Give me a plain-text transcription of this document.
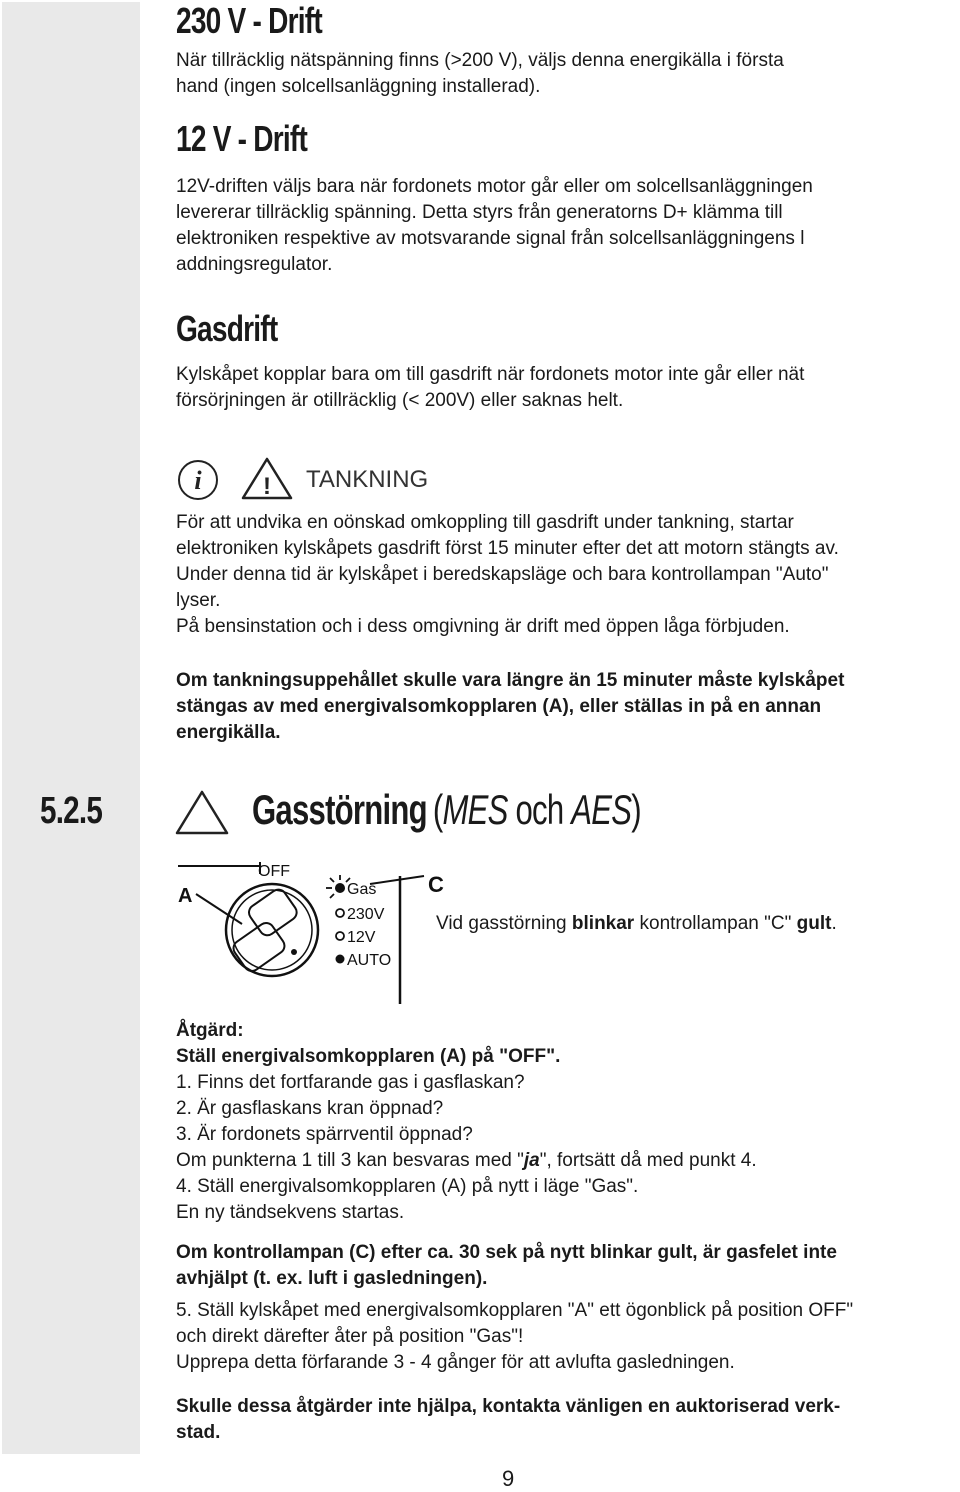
230 V - Drift
När tillräcklig nätspänning finns (>200 V), väljs denna energikälla i första
hand (ingen solcellsanläggning installerad).
12 V - Drift
12V-driften väljs bara när fordonets motor går eller om solcellsanläggningen
levererar tillräcklig spänning. Detta styrs från generatorns D+ klämma till
elektroniken respektive av motsvarande signal från solcellsanläggningens l
addningsregulator.
Gasdrift
Kylskåpet kopplar bara om till gasdrift när fordonets motor inte går eller nät
försörjningen är otillräcklig (< 200V) eller saknas helt.
i	! TANKNING
För att undvika en oönskad omkoppling till gasdrift under tankning, startar
elektroniken kylskåpets gasdrift först 15 minuter efter det att motorn stängts av.
Under denna tid är kylskåpet i beredskapsläge och bara kontrollampan "Auto"
lyser.
På bensinstation och i dess omgivning är drift med öppen låga förbjuden.
Om tankningsuppehållet skulle vara längre än 15 minuter måste kylskåpet
stängas av med energivalsomkopplaren (A), eller ställas in på en annan
energikälla.
5.2.5	Gasstörning (MES och AES)
A
OFF
C
Gas
230V
12V
AUTO
Vid gasstörning blinkar kontrollampan "C" gult.
Åtgärd:
Ställ energivalsomkopplaren (A) på "OFF".
1. Finns det fortfarande gas i gasflaskan?
2. Är gasflaskans kran öppnad?
3. Är fordonets spärrventil öppnad?
Om punkterna 1 till 3 kan besvaras med "ja", fortsätt då med punkt 4.
4. Ställ energivalsomkopplaren (A) på nytt i läge "Gas".
En ny tändsekvens startas.
Om kontrollampan (C) efter ca. 30 sek på nytt blinkar gult, är gasfelet inte
avhjälpt (t. ex. luft i gasledningen).
5. Ställ kylskåpet med energivalsomkopplaren "A" ett ögonblick på position OFF"
och direkt därefter åter på position "Gas"!
Upprepa detta förfarande 3 - 4 gånger för att avlufta gasledningen.
Skulle dessa åtgärder inte hjälpa, kontakta vänligen en auktoriserad verk-
stad.
9
